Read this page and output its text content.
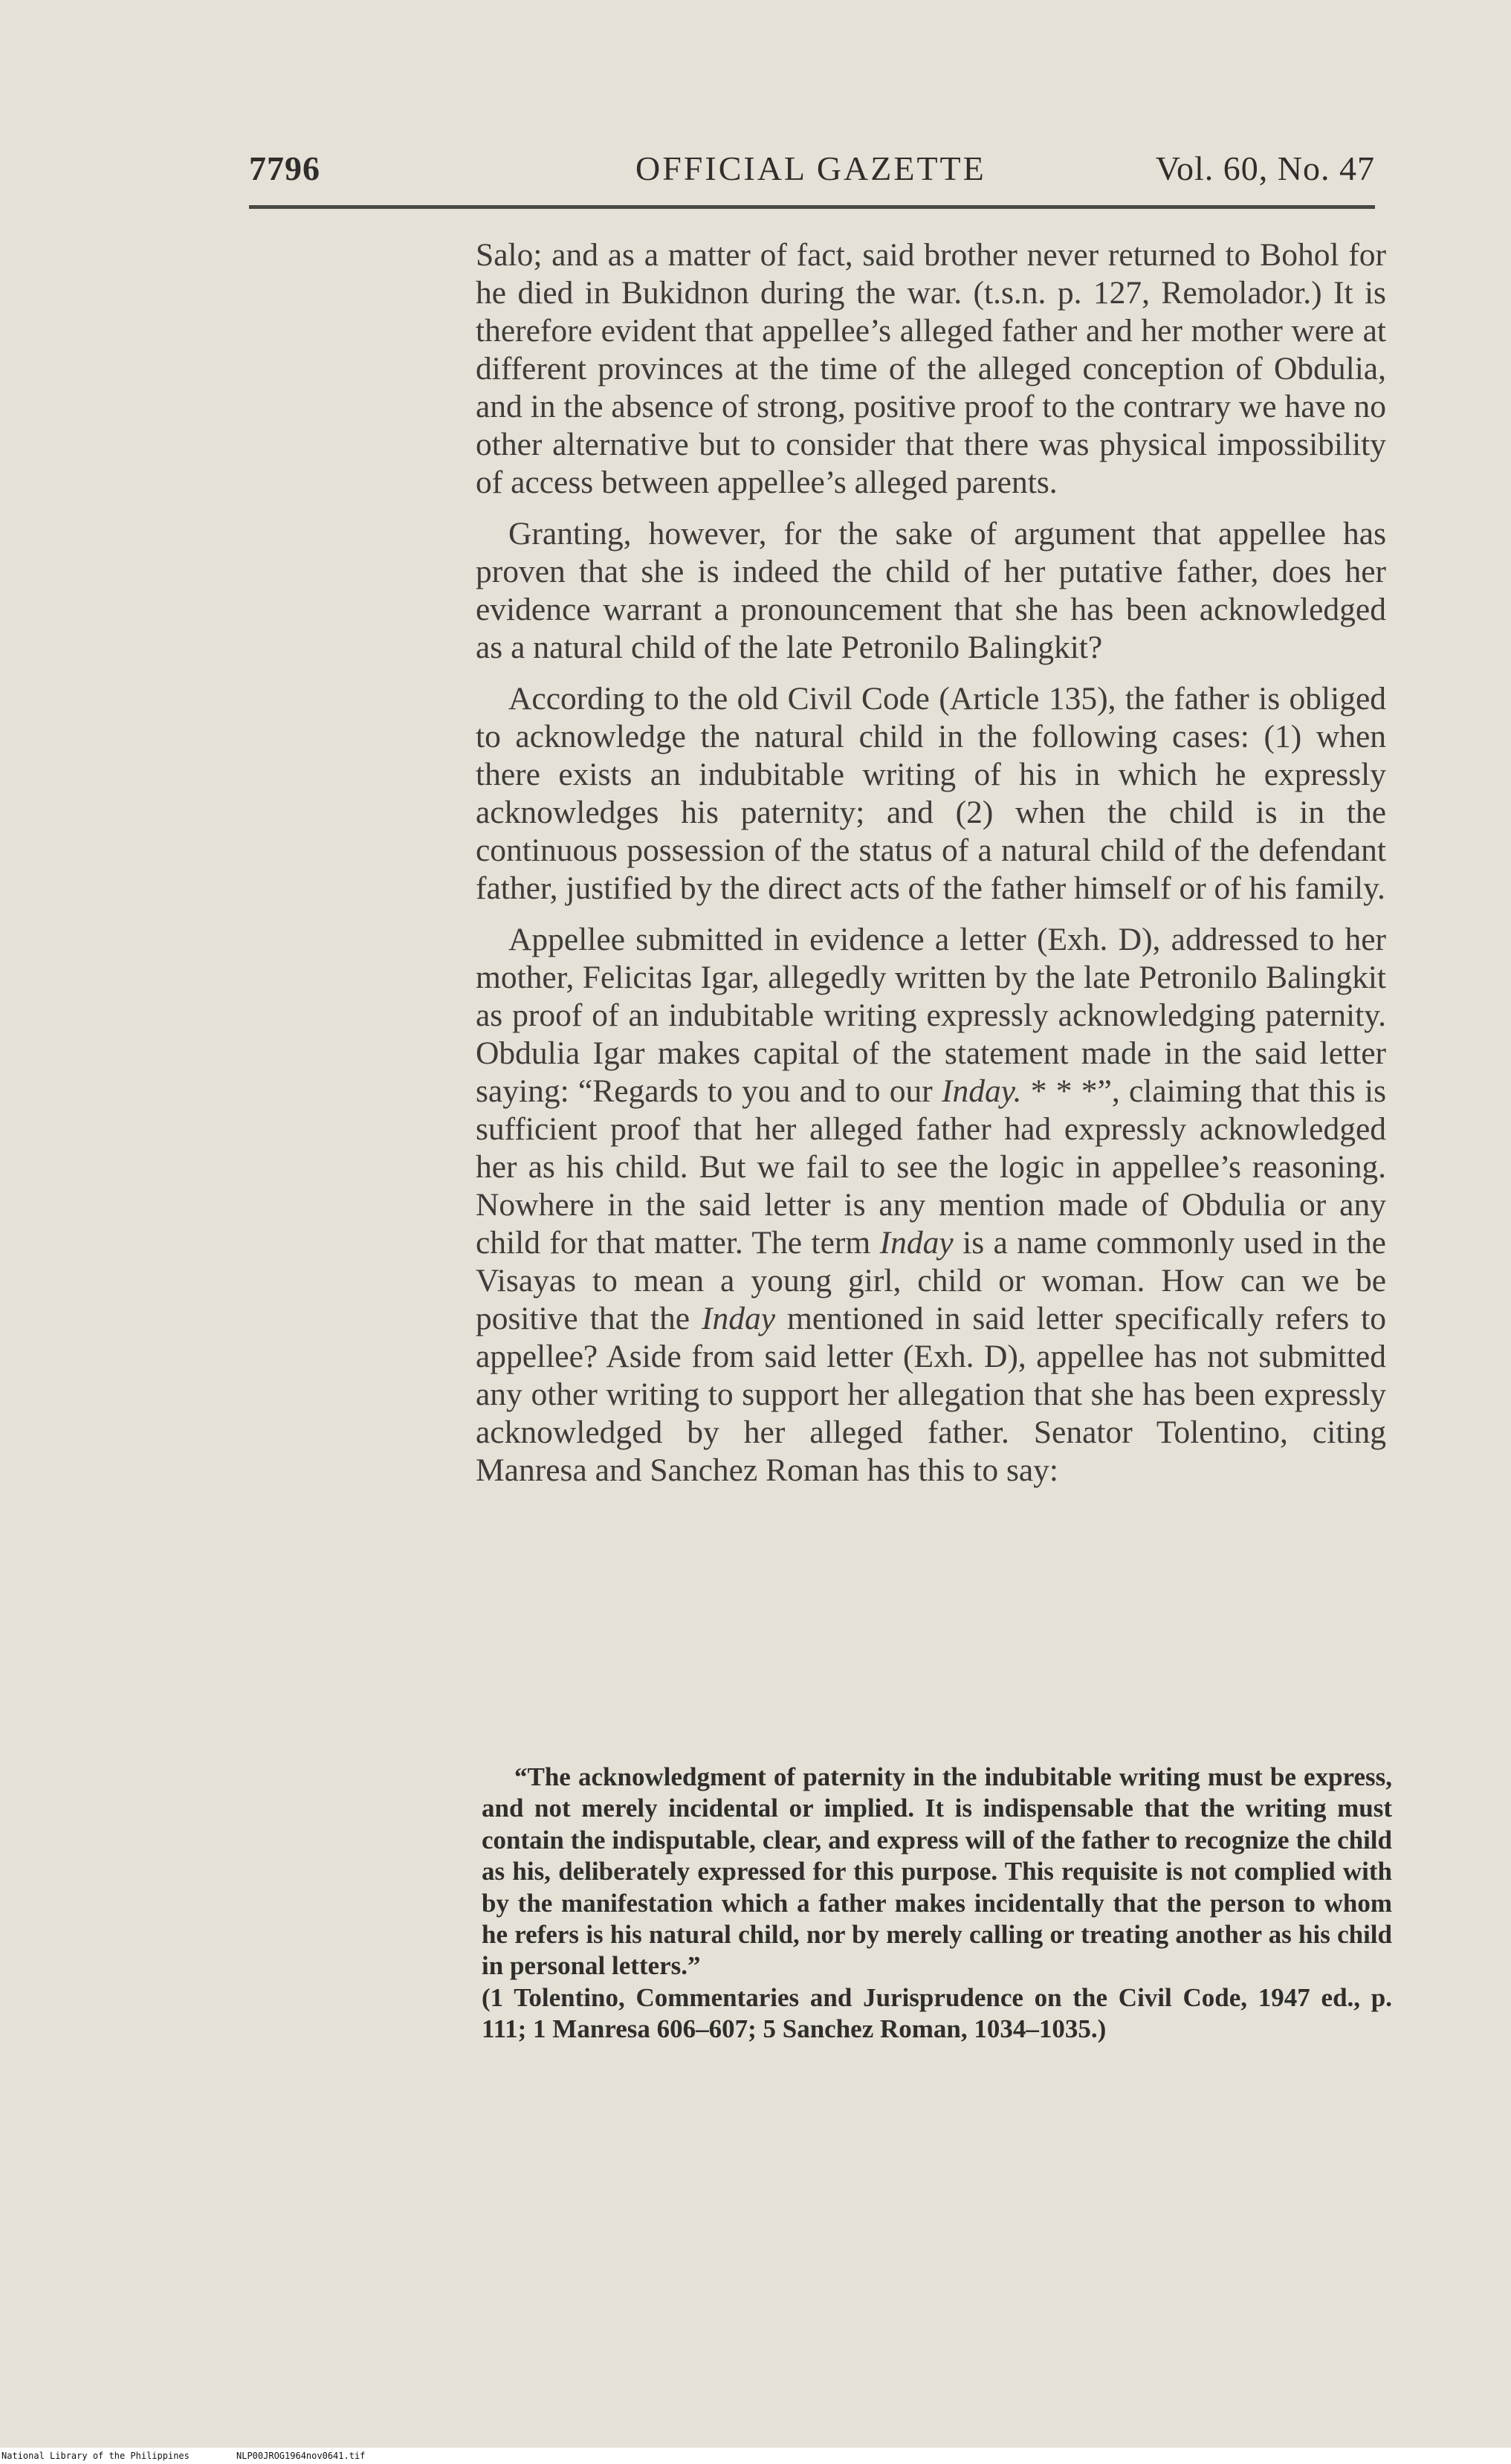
7796	OFFICIAL GAZETTE	Vol. 60, No. 47

Salo; and as a matter of fact, said brother never returned to Bohol for he died in Bukidnon during the war. (t.s.n. p. 127, Remolador.) It is therefore evident that appellee’s alleged father and her mother were at different provinces at the time of the alleged conception of Obdulia, and in the absence of strong, positive proof to the contrary we have no other alternative but to consider that there was physical impossibility of access between appellee’s alleged parents.

Granting, however, for the sake of argument that appellee has proven that she is indeed the child of her putative father, does her evidence warrant a pronouncement that she has been acknowledged as a natural child of the late Petronilo Balingkit?

According to the old Civil Code (Article 135), the father is obliged to acknowledge the natural child in the following cases: (1) when there exists an indubitable writing of his in which he expressly acknowledges his paternity; and (2) when the child is in the continuous possession of the status of a natural child of the defendant father, justified by the direct acts of the father himself or of his family.

Appellee submitted in evidence a letter (Exh. D), addressed to her mother, Felicitas Igar, allegedly written by the late Petronilo Balingkit as proof of an indubitable writing expressly acknowledging paternity. Obdulia Igar makes capital of the statement made in the said letter saying: “Regards to you and to our Inday. * * *”, claiming that this is sufficient proof that her alleged father had expressly acknowledged her as his child. But we fail to see the logic in appellee’s reasoning. Nowhere in the said letter is any mention made of Obdulia or any child for that matter. The term Inday is a name commonly used in the Visayas to mean a young girl, child or woman. How can we be positive that the Inday mentioned in said letter specifically refers to appellee? Aside from said letter (Exh. D), appellee has not submitted any other writing to support her allegation that she has been expressly acknowledged by her alleged father. Senator Tolentino, citing Manresa and Sanchez Roman has this to say:

“The acknowledgment of paternity in the indubitable writing must be express, and not merely incidental or implied. It is indispensable that the writing must contain the indisputable, clear, and express will of the father to recognize the child as his, deliberately expressed for this purpose. This requisite is not complied with by the manifestation which a father makes incidentally that the person to whom he refers is his natural child, nor by merely calling or treating another as his child in personal letters.”

(1 Tolentino, Commentaries and Jurisprudence on the Civil Code, 1947 ed., p. 111; 1 Manresa 606–607; 5 Sanchez Roman, 1034–1035.)

National Library of the Philippines	NLP00JROG1964nov0641.tif
